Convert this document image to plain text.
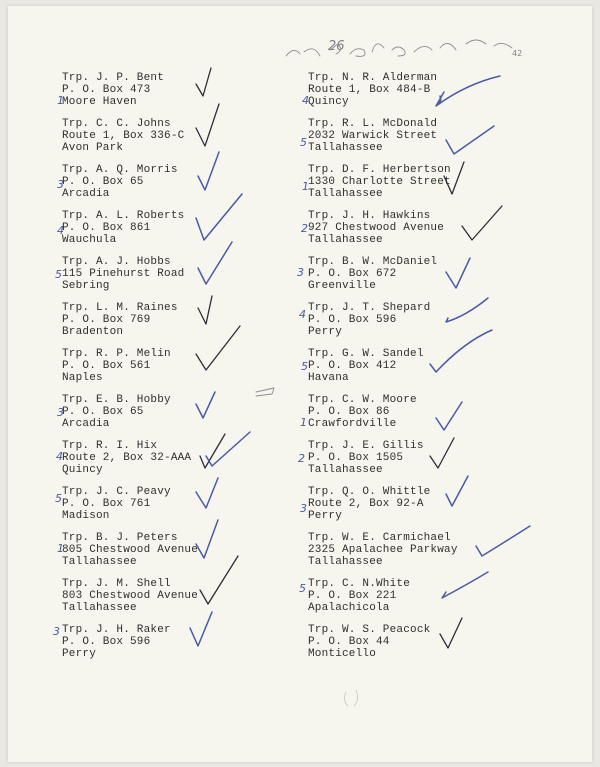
Trp. J. P. Bent
P. O. Box 473
Moore Haven
Trp. C. C. Johns
Route 1, Box 336-C
Avon Park
Trp. A. Q. Morris
P. O. Box 65
Arcadia
Trp. A. L. Roberts
P. O. Box 861
Wauchula
Trp. A. J. Hobbs
115 Pinehurst Road
Sebring
Trp. L. M. Raines
P. O. Box 769
Bradenton
Trp. R. P. Melin
P. O. Box 561
Naples
Trp. E. B. Hobby
P. O. Box 65
Arcadia
Trp. R. I. Hix
Route 2, Box 32-AAA
Quincy
Trp. J. C. Peavy
P. O. Box 761
Madison
Trp. B. J. Peters
805 Chestwood Avenue
Tallahassee
Trp. J. M. Shell
803 Chestwood Avenue
Tallahassee
Trp. J. H. Raker
P. O. Box 596
Perry
Trp. N. R. Alderman
Route 1, Box 484-B
Quincy
Trp. R. L. McDonald
2032 Warwick Street
Tallahassee
Trp. D. F. Herbertson
1330 Charlotte Street
Tallahassee
Trp. J. H. Hawkins
927 Chestwood Avenue
Tallahassee
Trp. B. W. McDaniel
P. O. Box 672
Greenville
Trp. J. T. Shepard
P. O. Box 596
Perry
Trp. G. W. Sandel
P. O. Box 412
Havana
Trp. C. W. Moore
P. O. Box 86
Crawfordville
Trp. J. E. Gillis
P. O. Box 1505
Tallahassee
Trp. Q. O. Whittle
Route 2, Box 92-A
Perry
Trp. W. E. Carmichael
2325 Apalachee Parkway
Tallahassee
Trp. C. N.White
P. O. Box 221
Apalachicola
Trp. W. S. Peacock
P. O. Box 44
Monticello
26	42
1
3
4
5
3
4
5
1
3
4
5
1
2
3
4
5
1
2
3
5
